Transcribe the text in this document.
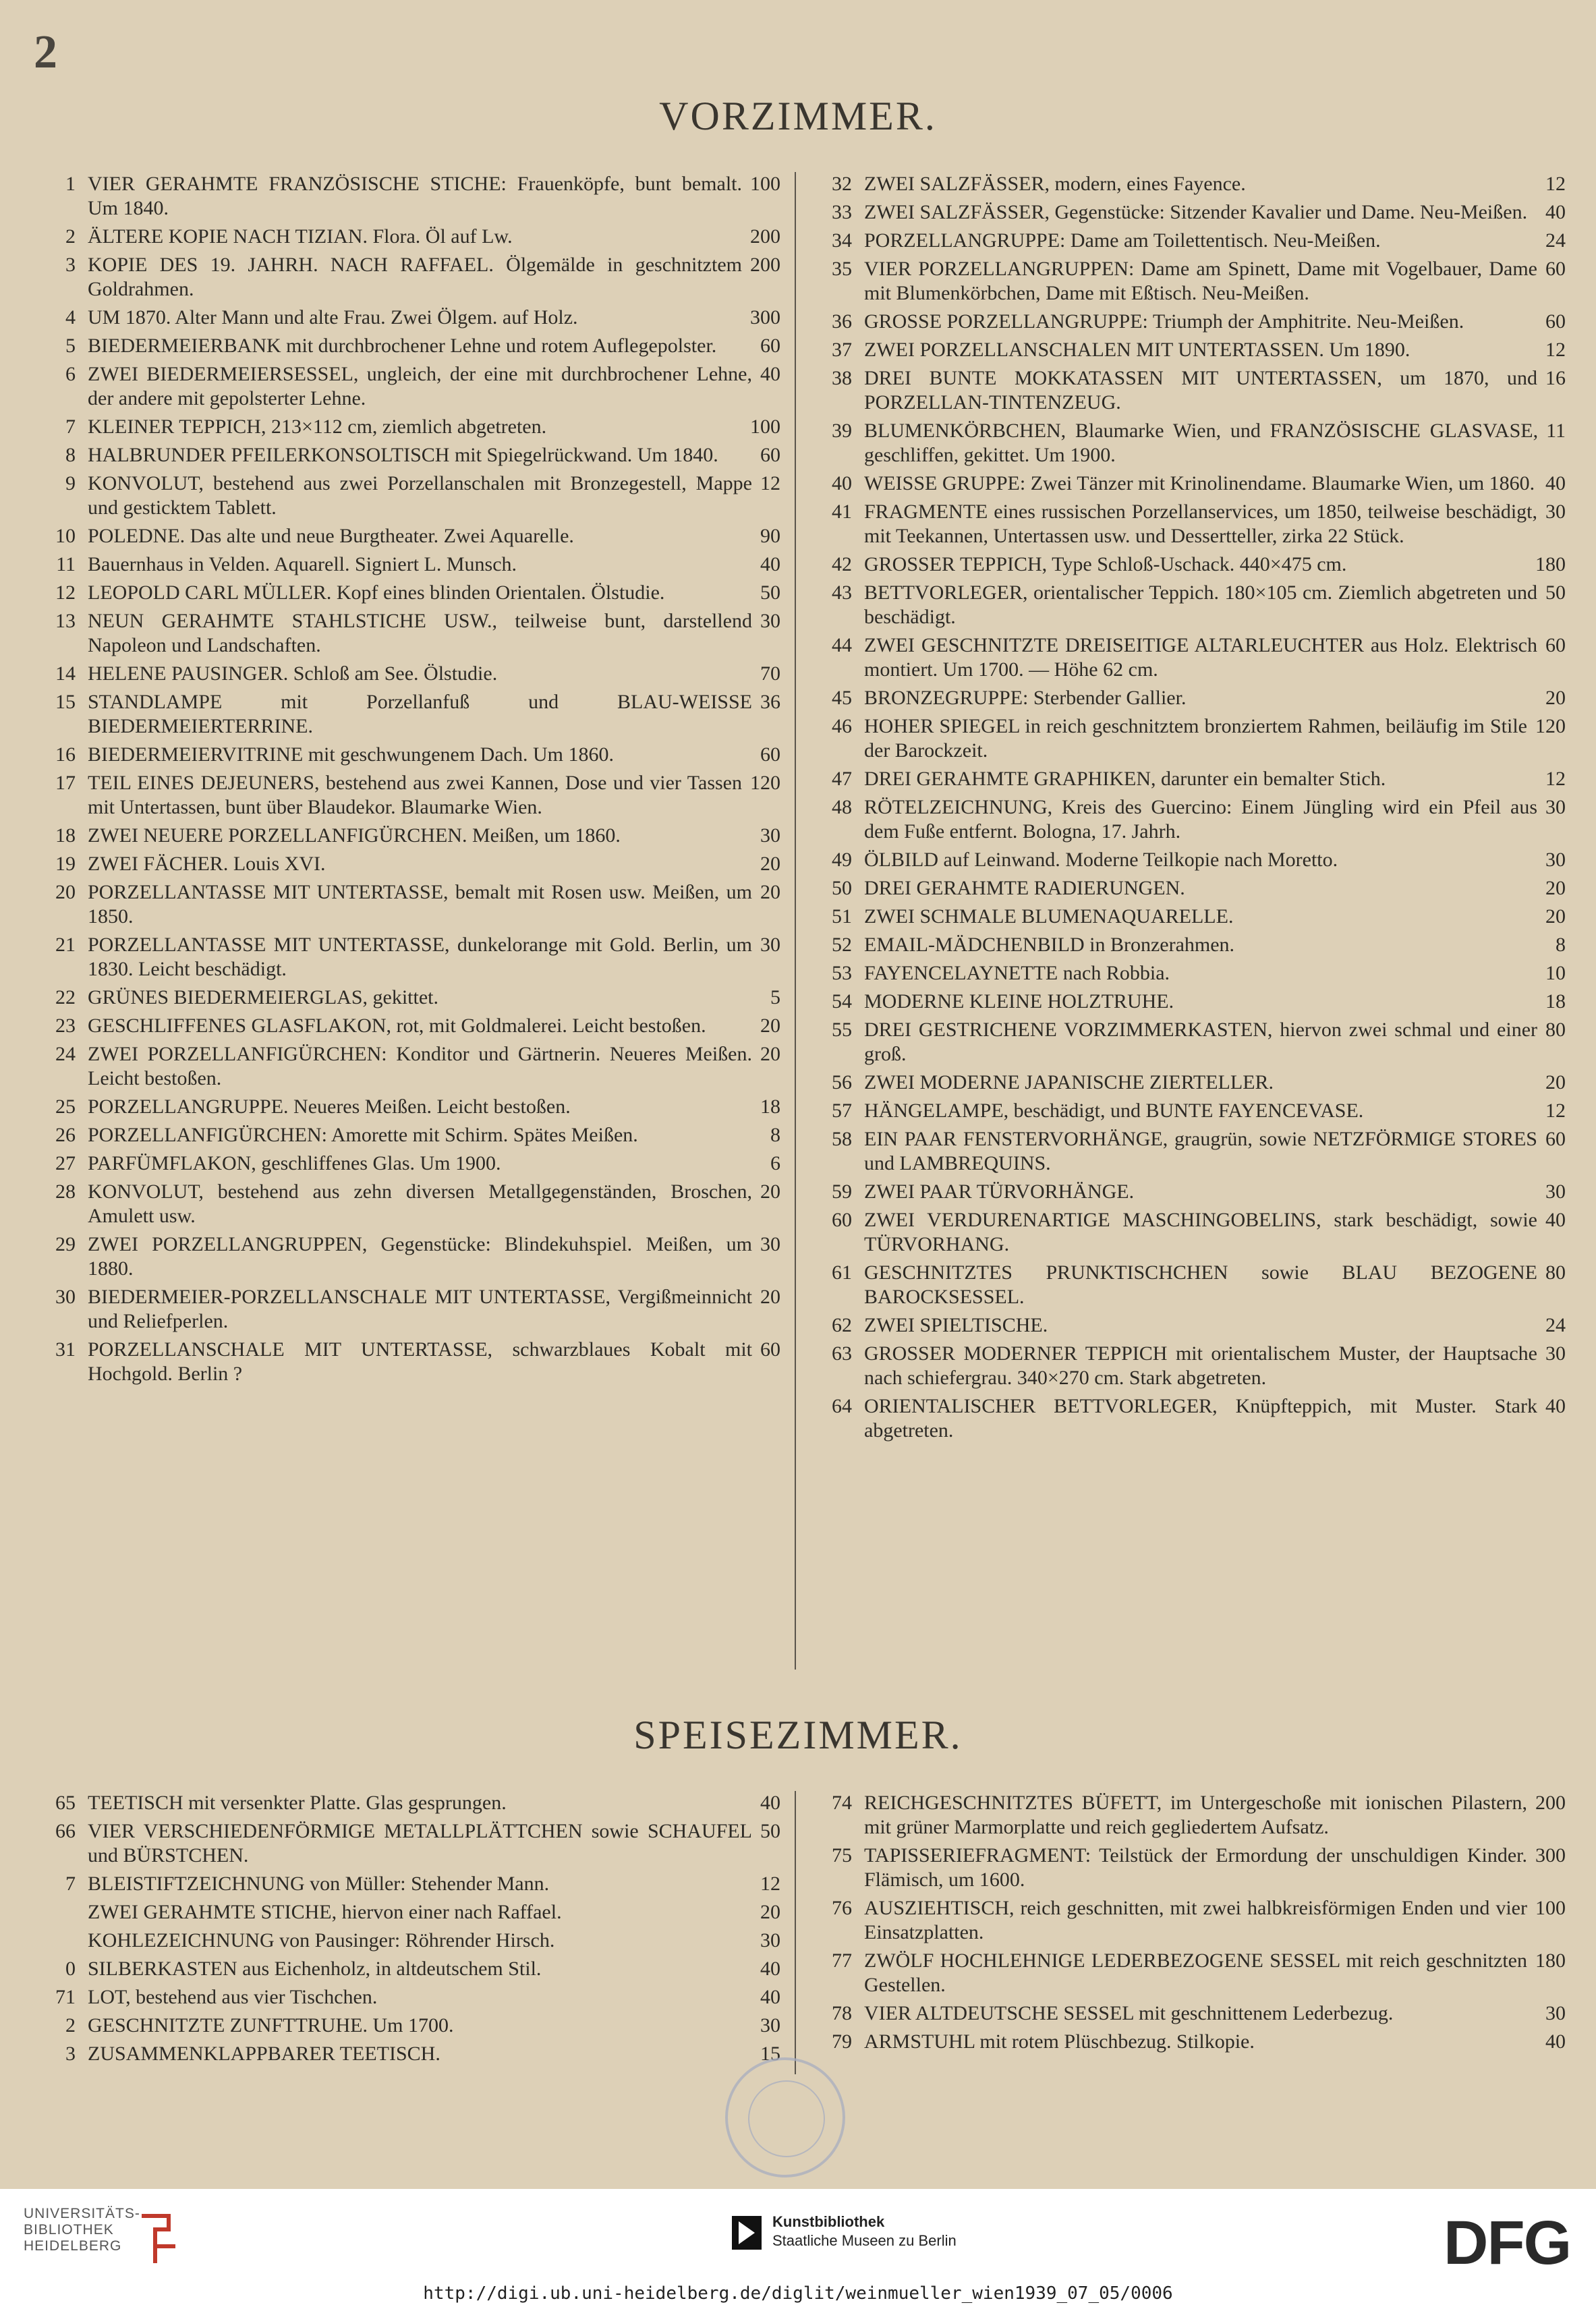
2
VORZIMMER.
1	100
VIER GERAHMTE FRANZÖSISCHE STICHE: Frauenköpfe, bunt bemalt. Um 1840.
2	200
ÄLTERE KOPIE NACH TIZIAN. Flora. Öl auf Lw.
3	200
KOPIE DES 19. JAHRH. NACH RAFFAEL. Ölgemälde in geschnitztem Goldrahmen.
4	300
UM 1870. Alter Mann und alte Frau. Zwei Ölgem. auf Holz.
5	60
BIEDERMEIERBANK mit durchbrochener Lehne und rotem Auflegepolster.
6	40
ZWEI BIEDERMEIERSESSEL, ungleich, der eine mit durchbrochener Lehne, der andere mit gepolsterter Lehne.
7	100
KLEINER TEPPICH, 213×112 cm, ziemlich abgetreten.
8	60
HALBRUNDER PFEILERKONSOLTISCH mit Spiegelrückwand. Um 1840.
9	12
KONVOLUT, bestehend aus zwei Porzellanschalen mit Bronzegestell, Mappe und gesticktem Tablett.
10	90
POLEDNE. Das alte und neue Burgtheater. Zwei Aquarelle.
11	40
Bauernhaus in Velden. Aquarell. Signiert L. Munsch.
12	50
LEOPOLD CARL MÜLLER. Kopf eines blinden Orientalen. Ölstudie.
13	30
NEUN GERAHMTE STAHLSTICHE USW., teilweise bunt, darstellend Napoleon und Landschaften.
14	70
HELENE PAUSINGER. Schloß am See. Ölstudie.
15	36
STANDLAMPE mit Porzellanfuß und BLAU-WEISSE BIEDERMEIERTERRINE.
16	60
BIEDERMEIERVITRINE mit geschwungenem Dach. Um 1860.
17	120
TEIL EINES DEJEUNERS, bestehend aus zwei Kannen, Dose und vier Tassen mit Untertassen, bunt über Blaudekor. Blaumarke Wien.
18	30
ZWEI NEUERE PORZELLANFIGÜRCHEN. Meißen, um 1860.
19	20
ZWEI FÄCHER. Louis XVI.
20	20
PORZELLANTASSE MIT UNTERTASSE, bemalt mit Rosen usw. Meißen, um 1850.
21	30
PORZELLANTASSE MIT UNTERTASSE, dunkelorange mit Gold. Berlin, um 1830. Leicht beschädigt.
22	5
GRÜNES BIEDERMEIERGLAS, gekittet.
23	20
GESCHLIFFENES GLASFLAKON, rot, mit Goldmalerei. Leicht bestoßen.
24	20
ZWEI PORZELLANFIGÜRCHEN: Konditor und Gärtnerin. Neueres Meißen. Leicht bestoßen.
25	18
PORZELLANGRUPPE. Neueres Meißen. Leicht bestoßen.
26	8
PORZELLANFIGÜRCHEN: Amorette mit Schirm. Spätes Meißen.
27	6
PARFÜMFLAKON, geschliffenes Glas. Um 1900.
28	20
KONVOLUT, bestehend aus zehn diversen Metallgegenständen, Broschen, Amulett usw.
29	30
ZWEI PORZELLANGRUPPEN, Gegenstücke: Blindekuhspiel. Meißen, um 1880.
30	20
BIEDERMEIER-PORZELLANSCHALE MIT UNTERTASSE, Vergißmeinnicht und Reliefperlen.
31	60
PORZELLANSCHALE MIT UNTERTASSE, schwarzblaues Kobalt mit Hochgold. Berlin ?
32	12
ZWEI SALZFÄSSER, modern, eines Fayence.
33	40
ZWEI SALZFÄSSER, Gegenstücke: Sitzender Kavalier und Dame. Neu-Meißen.
34	24
PORZELLANGRUPPE: Dame am Toilettentisch. Neu-Meißen.
35	60
VIER PORZELLANGRUPPEN: Dame am Spinett, Dame mit Vogelbauer, Dame mit Blumenkörbchen, Dame mit Eßtisch. Neu-Meißen.
36	60
GROSSE PORZELLANGRUPPE: Triumph der Amphitrite. Neu-Meißen.
37	12
ZWEI PORZELLANSCHALEN MIT UNTERTASSEN. Um 1890.
38	16
DREI BUNTE MOKKATASSEN MIT UNTERTASSEN, um 1870, und PORZELLAN-TINTENZEUG.
39	11
BLUMENKÖRBCHEN, Blaumarke Wien, und FRANZÖSISCHE GLASVASE, geschliffen, gekittet. Um 1900.
40	40
WEISSE GRUPPE: Zwei Tänzer mit Krinolinendame. Blaumarke Wien, um 1860.
41	30
FRAGMENTE eines russischen Porzellanservices, um 1850, teilweise beschädigt, mit Teekannen, Untertassen usw. und Dessertteller, zirka 22 Stück.
42	180
GROSSER TEPPICH, Type Schloß-Uschack. 440×475 cm.
43	50
BETTVORLEGER, orientalischer Teppich. 180×105 cm. Ziemlich abgetreten und beschädigt.
44	60
ZWEI GESCHNITZTE DREISEITIGE ALTARLEUCHTER aus Holz. Elektrisch montiert. Um 1700. — Höhe 62 cm.
45	20
BRONZEGRUPPE: Sterbender Gallier.
46	120
HOHER SPIEGEL in reich geschnitztem bronziertem Rahmen, beiläufig im Stile der Barockzeit.
47	12
DREI GERAHMTE GRAPHIKEN, darunter ein bemalter Stich.
48	30
RÖTELZEICHNUNG, Kreis des Guercino: Einem Jüngling wird ein Pfeil aus dem Fuße entfernt. Bologna, 17. Jahrh.
49	30
ÖLBILD auf Leinwand. Moderne Teilkopie nach Moretto.
50	20
DREI GERAHMTE RADIERUNGEN.
51	20
ZWEI SCHMALE BLUMENAQUARELLE.
52	8
EMAIL-MÄDCHENBILD in Bronzerahmen.
53	10
FAYENCELAYNETTE nach Robbia.
54	18
MODERNE KLEINE HOLZTRUHE.
55	80
DREI GESTRICHENE VORZIMMERKASTEN, hiervon zwei schmal und einer groß.
56	20
ZWEI MODERNE JAPANISCHE ZIERTELLER.
57	12
HÄNGELAMPE, beschädigt, und BUNTE FAYENCEVASE.
58	60
EIN PAAR FENSTERVORHÄNGE, graugrün, sowie NETZFÖRMIGE STORES und LAMBREQUINS.
59	30
ZWEI PAAR TÜRVORHÄNGE.
60	40
ZWEI VERDURENARTIGE MASCHINGOBELINS, stark beschädigt, sowie TÜRVORHANG.
61	80
GESCHNITZTES PRUNKTISCHCHEN sowie BLAU BEZOGENE BAROCKSESSEL.
62	24
ZWEI SPIELTISCHE.
63	30
GROSSER MODERNER TEPPICH mit orientalischem Muster, der Hauptsache nach schiefergrau. 340×270 cm. Stark abgetreten.
64	40
ORIENTALISCHER BETTVORLEGER, Knüpfteppich, mit Muster. Stark abgetreten.
SPEISEZIMMER.
65	40
TEETISCH mit versenkter Platte. Glas gesprungen.
66	50
VIER VERSCHIEDENFÖRMIGE METALLPLÄTTCHEN sowie SCHAUFEL und BÜRSTCHEN.
7	12
BLEISTIFTZEICHNUNG von Müller: Stehender Mann.
20
ZWEI GERAHMTE STICHE, hiervon einer nach Raffael.
30
KOHLEZEICHNUNG von Pausinger: Röhrender Hirsch.
0	40
SILBERKASTEN aus Eichenholz, in altdeutschem Stil.
71	40
LOT, bestehend aus vier Tischchen.
2	30
GESCHNITZTE ZUNFTTRUHE. Um 1700.
3	15
ZUSAMMENKLAPPBARER TEETISCH.
74	200
REICHGESCHNITZTES BÜFETT, im Untergeschoße mit ionischen Pilastern, mit grüner Marmorplatte und reich gegliedertem Aufsatz.
75	300
TAPISSERIEFRAGMENT: Teilstück der Ermordung der unschuldigen Kinder. Flämisch, um 1600.
76	100
AUSZIEHTISCH, reich geschnitten, mit zwei halbkreisförmigen Enden und vier Einsatzplatten.
77	180
ZWÖLF HOCHLEHNIGE LEDERBEZOGENE SESSEL mit reich geschnitzten Gestellen.
78	30
VIER ALTDEUTSCHE SESSEL mit geschnittenem Lederbezug.
79	40
ARMSTUHL mit rotem Plüschbezug. Stilkopie.
UNIVERSITÄTS-
BIBLIOTHEK
HEIDELBERG
Kunstbibliothek
Staatliche Museen zu Berlin	DFG
http://digi.ub.uni-heidelberg.de/diglit/weinmueller_wien1939_07_05/0006
